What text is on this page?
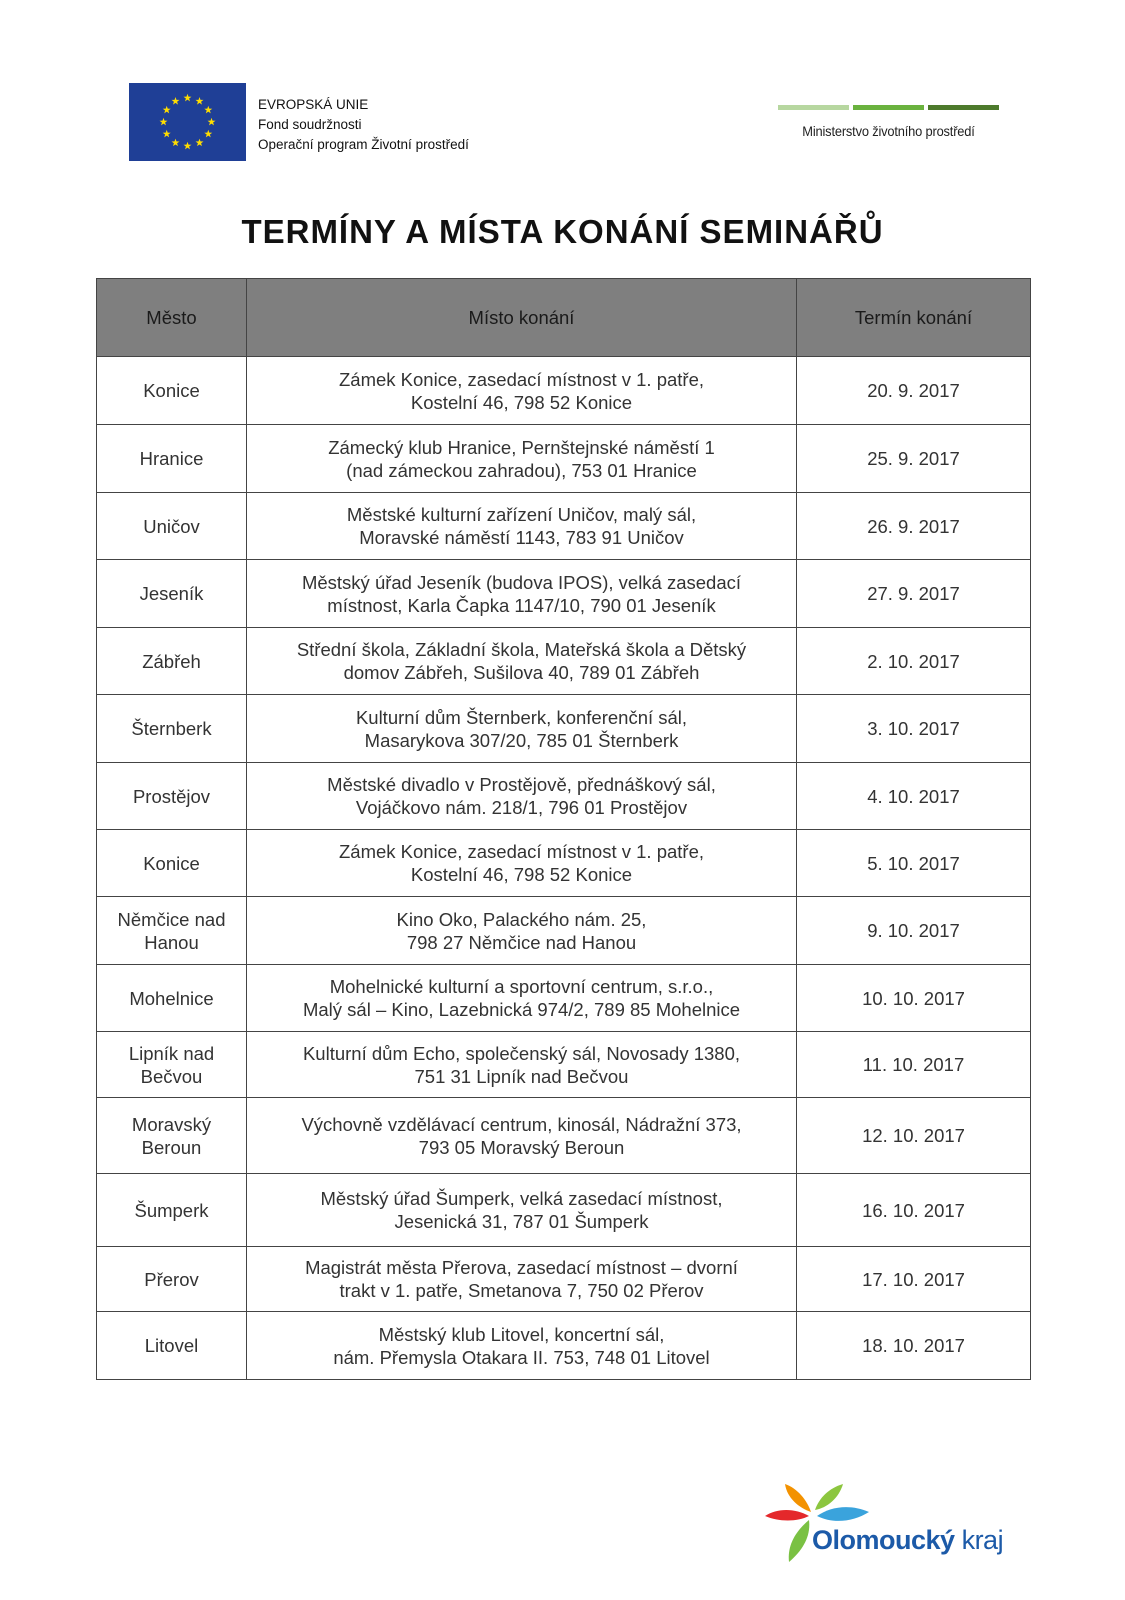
EVROPSKÁ UNIE
Fond soudržnosti
Operační program Životní prostředí
Ministerstvo životního prostředí
TERMÍNY A MÍSTA KONÁNÍ SEMINÁŘŮ
Město	Místo konání	Termín konání
Konice	Zámek Konice, zasedací místnost v 1. patře,
Kostelní 46, 798 52 Konice	20. 9. 2017
Hranice	Zámecký klub Hranice, Pernštejnské náměstí 1
(nad zámeckou zahradou), 753 01 Hranice	25. 9. 2017
Uničov	Městské kulturní zařízení Uničov, malý sál,
Moravské náměstí 1143, 783 91 Uničov	26. 9. 2017
Jeseník	Městský úřad Jeseník (budova IPOS), velká zasedací
místnost, Karla Čapka 1147/10, 790 01 Jeseník	27. 9. 2017
Zábřeh	Střední škola, Základní škola, Mateřská škola a Dětský
domov Zábřeh, Sušilova 40, 789 01 Zábřeh	2. 10. 2017
Šternberk	Kulturní dům Šternberk, konferenční sál,
Masarykova 307/20, 785 01 Šternberk	3. 10. 2017
Prostějov	Městské divadlo v Prostějově, přednáškový sál,
Vojáčkovo nám. 218/1, 796 01 Prostějov	4. 10. 2017
Konice	Zámek Konice, zasedací místnost v 1. patře,
Kostelní 46, 798 52 Konice	5. 10. 2017
Němčice nad
Hanou	Kino Oko, Palackého nám. 25,
798 27 Němčice nad Hanou	9. 10. 2017
Mohelnice	Mohelnické kulturní a sportovní centrum, s.r.o.,
Malý sál – Kino, Lazebnická 974/2, 789 85 Mohelnice	10. 10. 2017
Lipník nad
Bečvou	Kulturní dům Echo, společenský sál, Novosady 1380,
751 31 Lipník nad Bečvou	11. 10. 2017
Moravský
Beroun	Výchovně vzdělávací centrum, kinosál, Nádražní 373,
793 05 Moravský Beroun	12. 10. 2017
Šumperk	Městský úřad Šumperk, velká zasedací místnost,
Jesenická 31, 787 01 Šumperk	16. 10. 2017
Přerov	Magistrát města Přerova, zasedací místnost – dvorní
trakt v 1. patře, Smetanova 7, 750 02 Přerov	17. 10. 2017
Litovel	Městský klub Litovel, koncertní sál,
nám. Přemysla Otakara II. 753, 748 01 Litovel	18. 10. 2017
Olomoucký kraj
